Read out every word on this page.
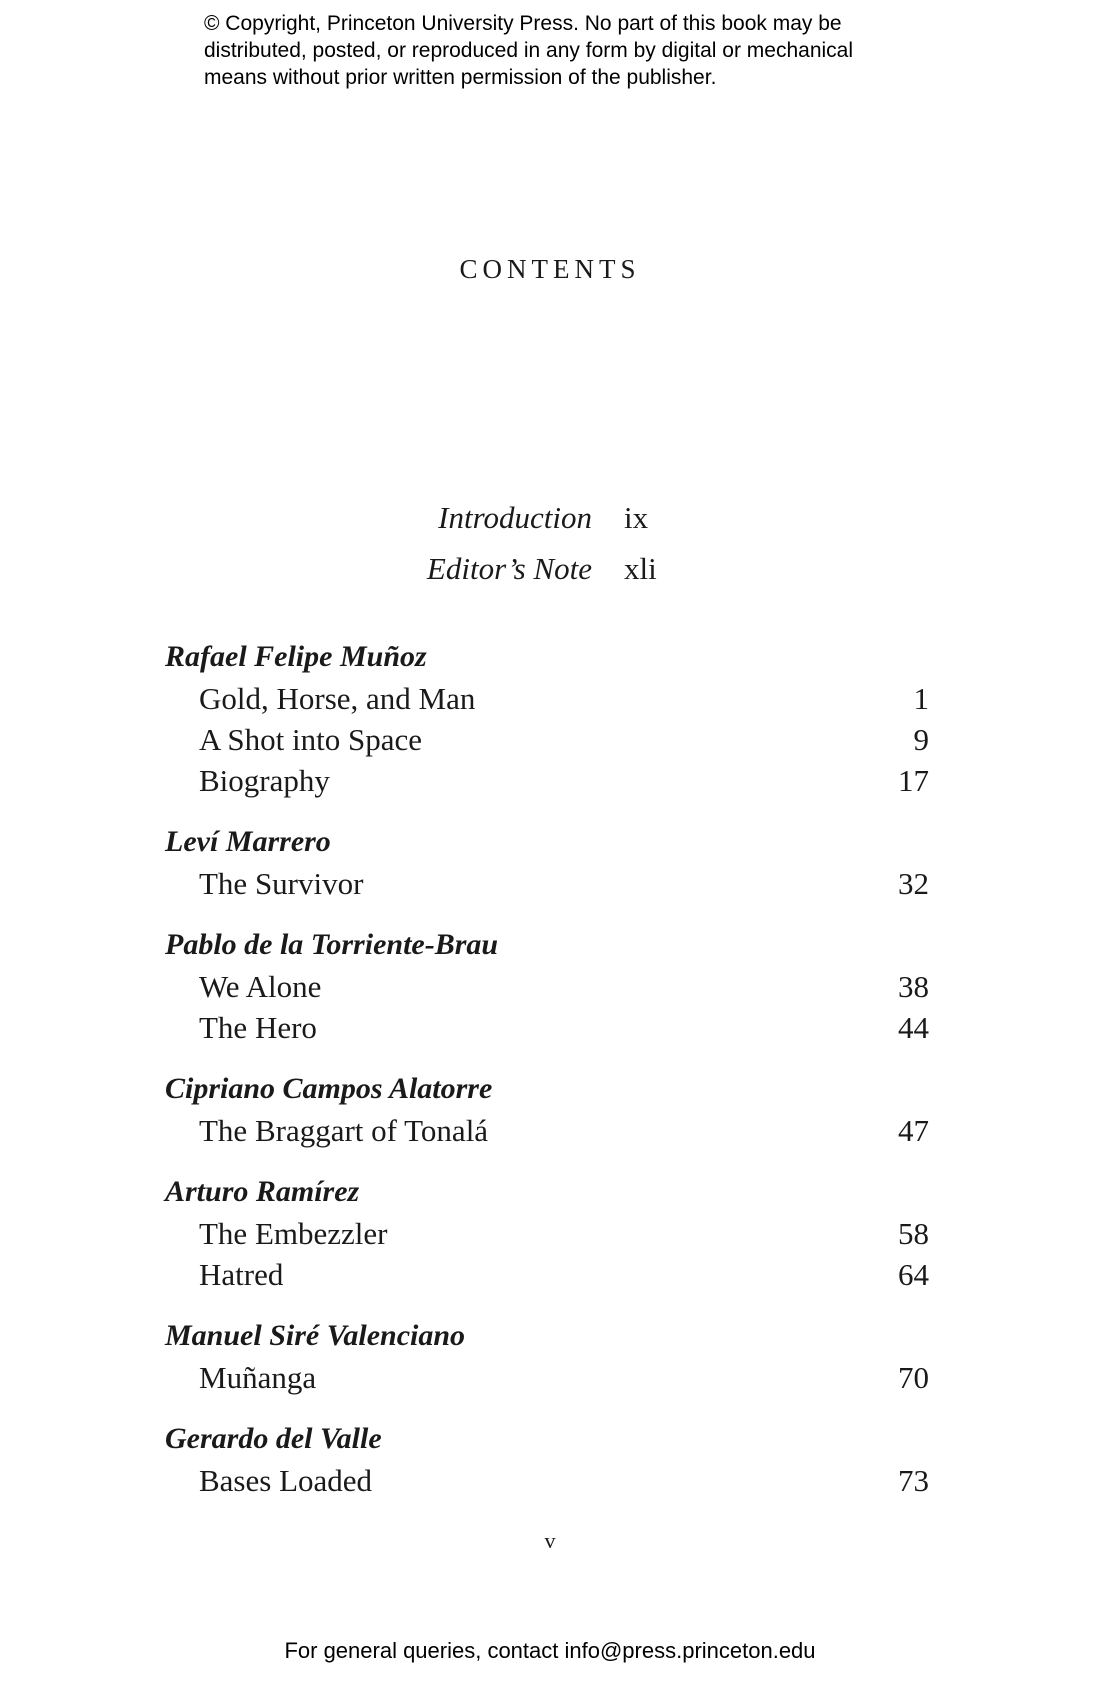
© Copyright, Princeton University Press. No part of this book may be
distributed, posted, or reproduced in any form by digital or mechanical
means without prior written permission of the publisher.
CONTENTS
Introduction ix
Editor’s Note xli
Rafael Felipe Muñoz
Gold, Horse, and Man	1
A Shot into Space	9
Biography	17
Leví Marrero
The Survivor	32
Pablo de la Torriente-Brau
We Alone	38
The Hero	44
Cipriano Campos Alatorre
The Braggart of Tonalá	47
Arturo Ramírez
The Embezzler	58
Hatred	64
Manuel Siré Valenciano
Muñanga	70
Gerardo del Valle
Bases Loaded	73
v
For general queries, contact info@press.princeton.edu
